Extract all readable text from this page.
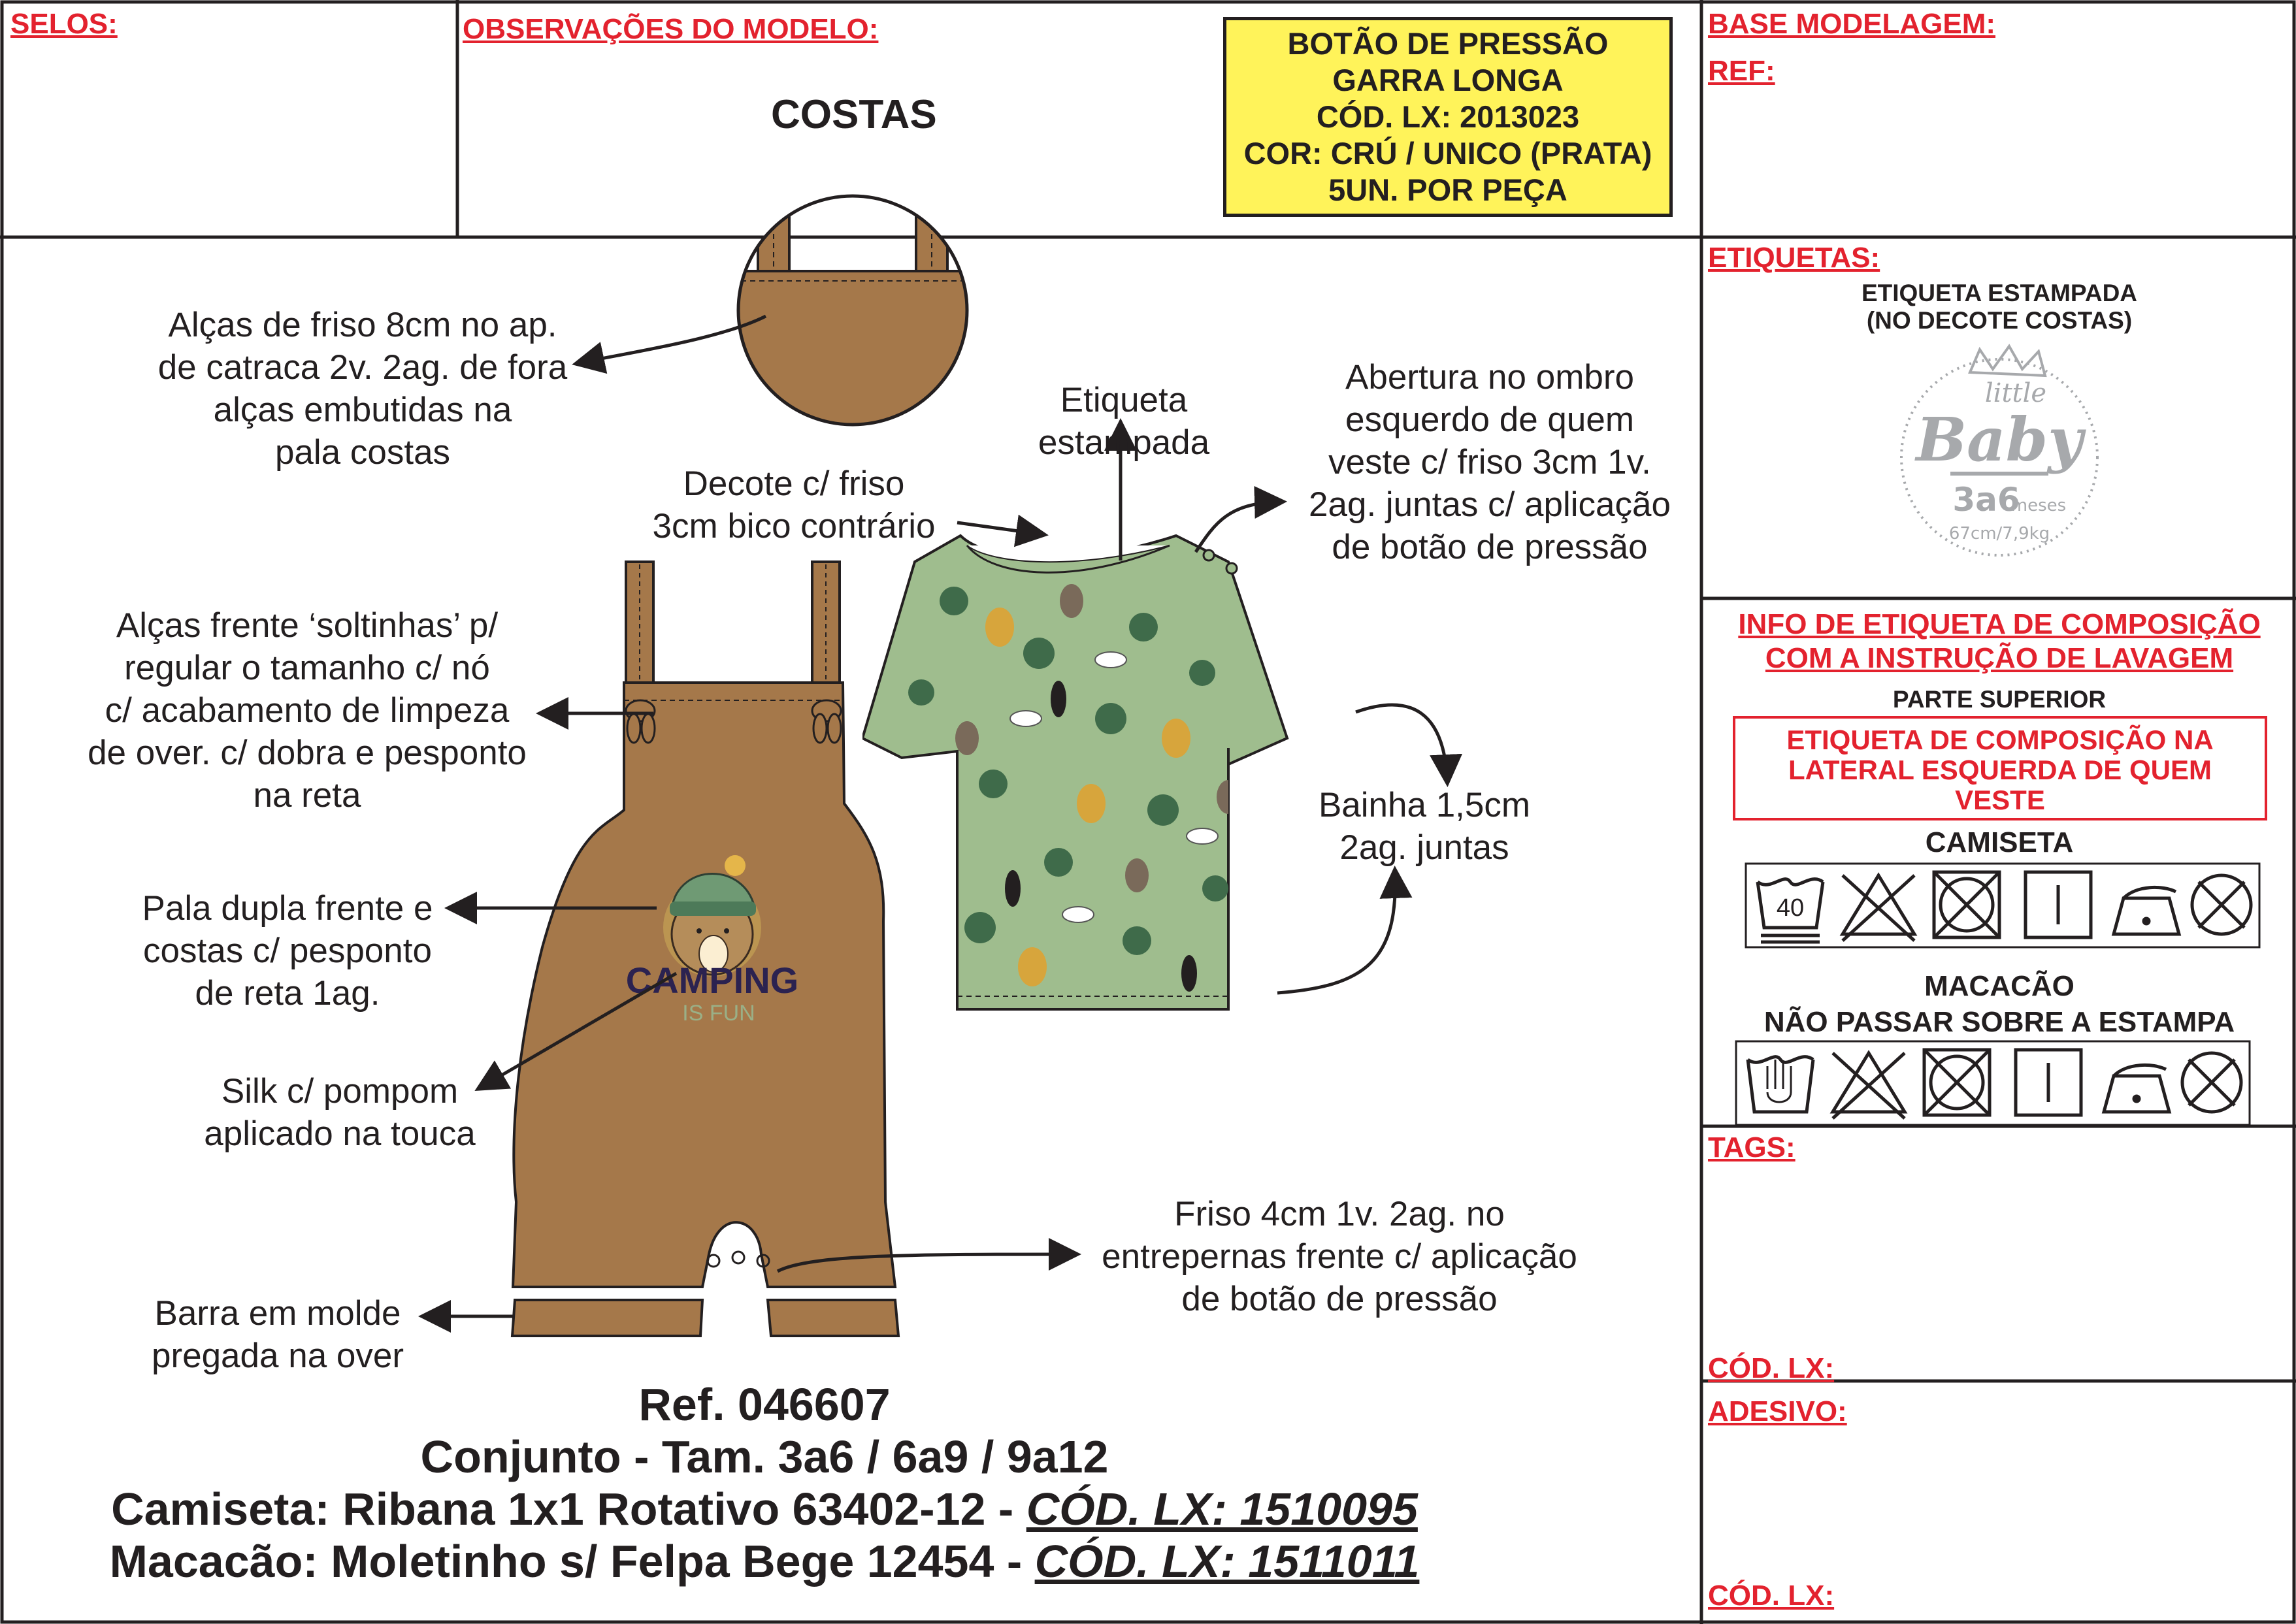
SELOS:	OBSERVAÇÕES DO MODELO:
COSTAS
BOTÃO DE PRESSÃO
GARRA LONGA
CÓD. LX: 2013023
COR: CRÚ / UNICO (PRATA)
5UN. POR PEÇA
BASE MODELAGEM:
REF:
CAMPING
IS FUN
Alças de friso 8cm no ap.
de catraca 2v. 2ag. de fora
alças embutidas na
pala costas
Etiqueta
estampada
Abertura no ombro
esquerdo de quem
veste c/ friso 3cm 1v.
2ag. juntas c/ aplicação
de botão de pressão
Decote c/ friso
3cm bico contrário
Alças frente ‘soltinhas’ p/
regular o tamanho c/ nó
c/ acabamento de limpeza
de over. c/ dobra e pesponto
na reta	Bainha 1,5cm
2ag. juntas
Pala dupla frente e
costas c/ pesponto
de reta 1ag.
Silk c/ pompom
aplicado na touca
Friso 4cm 1v. 2ag. no
entrepernas frente c/ aplicação
de botão de pressão
Barra em molde
pregada na over
Ref. 046607
Conjunto - Tam. 3a6 / 6a9 / 9a12
Camiseta: Ribana 1x1 Rotativo 63402-12 - CÓD. LX: 1510095
Macacão: Moletinho s/ Felpa Bege 12454 - CÓD. LX: 1511011
ETIQUETAS:
ETIQUETA ESTAMPADA
(NO DECOTE COSTAS)
little
Baby
3a6
meses
67cm/7,9kg
INFO DE ETIQUETA DE COMPOSIÇÃO
COM A INSTRUÇÃO DE LAVAGEM
PARTE SUPERIOR
ETIQUETA DE COMPOSIÇÃO NA
LATERAL ESQUERDA DE QUEM
VESTE
CAMISETA
40
MACACÃO
NÃO PASSAR SOBRE A ESTAMPA
TAGS:
CÓD. LX:
ADESIVO:
CÓD. LX:
